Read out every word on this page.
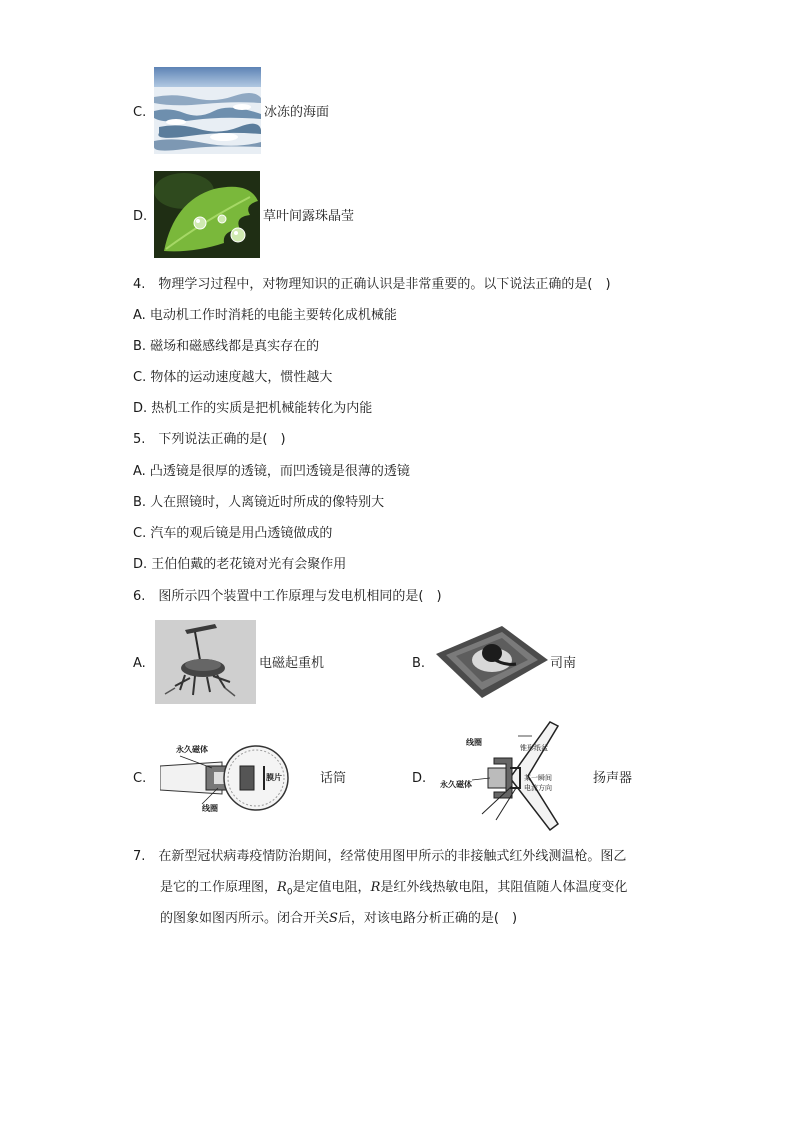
C.	冰冻的海面
D.	草叶间露珠晶莹
4.　物理学习过程中，对物理知识的正确认识是非常重要的。以下说法正确的是(　)
A. 电动机工作时消耗的电能主要转化成机械能
B. 磁场和磁感线都是真实存在的
C. 物体的运动速度越大，惯性越大
D. 热机工作的实质是把机械能转化为内能
5.　下列说法正确的是(　)
A. 凸透镜是很厚的透镜，而凹透镜是很薄的透镜
B. 人在照镜时，人离镜近时所成的像特别大
C. 汽车的观后镜是用凸透镜做成的
D. 王伯伯戴的老花镜对光有会聚作用
6.　图所示四个装置中工作原理与发电机相同的是(　)
A.	电磁起重机	B.	司南
C.
永久磁体
膜片
线圈
话筒	D.
线圈
锥形纸盆
永久磁体
某一瞬间
电流方向
扬声器
7.　在新型冠状病毒疫情防治期间，经常使用图甲所示的非接触式红外线测温枪。图乙
是它的工作原理图，$R_0$是定值电阻，R是红外线热敏电阻，其阻值随人体温度变化
的图象如图丙所示。闭合开关S后，对该电路分析正确的是(　)
